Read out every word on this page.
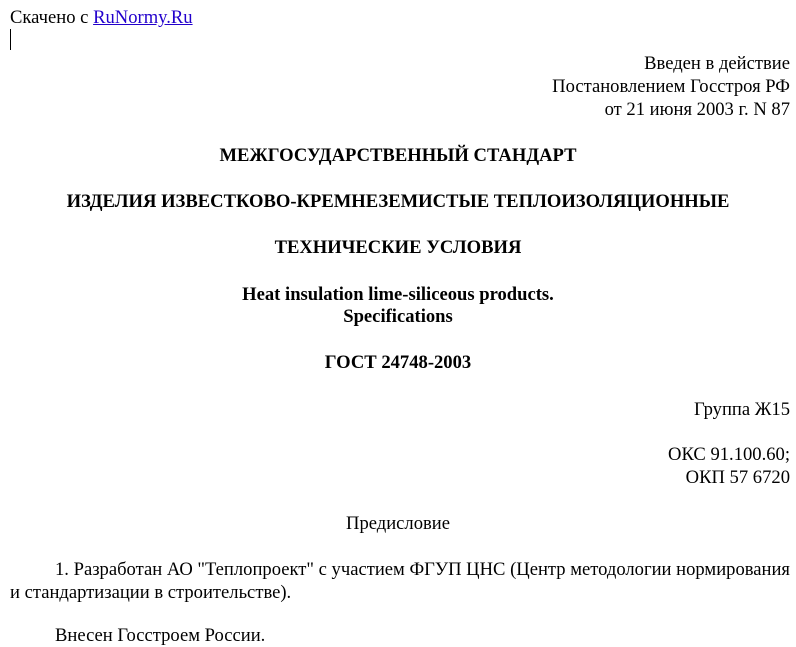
Скачено с RuNormy.Ru
Введен в действие
Постановлением Госстроя РФ
от 21 июня 2003 г. N 87
МЕЖГОСУДАРСТВЕННЫЙ СТАНДАРТ
ИЗДЕЛИЯ ИЗВЕСТКОВО-КРЕМНЕЗЕМИСТЫЕ ТЕПЛОИЗОЛЯЦИОННЫЕ
ТЕХНИЧЕСКИЕ УСЛОВИЯ
Heat insulation lime-siliceous products.
Specifications
ГОСТ 24748-2003
Группа Ж15
ОКС 91.100.60;
ОКП 57 6720
Предисловие
1. Разработан АО "Теплопроект" с участием ФГУП ЦНС (Центр методологии нормирования и стандартизации в строительстве).
Внесен Госстроем России.
